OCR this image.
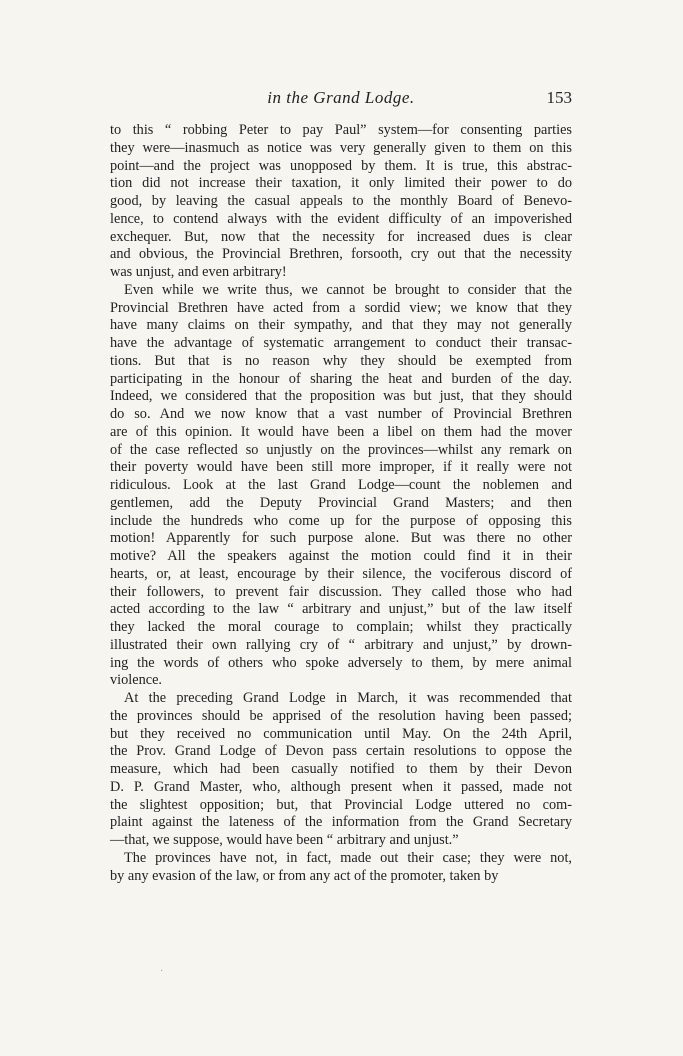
in the Grand Lodge.	153

to this “ robbing Peter to pay Paul” system—for consenting parties
they were—inasmuch as notice was very generally given to them on this
point—and the project was unopposed by them. It is true, this abstrac-
tion did not increase their taxation, it only limited their power to do
good, by leaving the casual appeals to the monthly Board of Benevo-
lence, to contend always with the evident difficulty of an impoverished
exchequer. But, now that the necessity for increased dues is clear
and obvious, the Provincial Brethren, forsooth, cry out that the necessity
was unjust, and even arbitrary!

Even while we write thus, we cannot be brought to consider that the
Provincial Brethren have acted from a sordid view; we know that they
have many claims on their sympathy, and that they may not generally
have the advantage of systematic arrangement to conduct their transac-
tions. But that is no reason why they should be exempted from
participating in the honour of sharing the heat and burden of the day.
Indeed, we considered that the proposition was but just, that they should
do so. And we now know that a vast number of Provincial Brethren
are of this opinion. It would have been a libel on them had the mover
of the case reflected so unjustly on the provinces—whilst any remark on
their poverty would have been still more improper, if it really were not
ridiculous. Look at the last Grand Lodge—count the noblemen and
gentlemen, add the Deputy Provincial Grand Masters; and then
include the hundreds who come up for the purpose of opposing this
motion! Apparently for such purpose alone. But was there no other
motive? All the speakers against the motion could find it in their
hearts, or, at least, encourage by their silence, the vociferous discord of
their followers, to prevent fair discussion. They called those who had
acted according to the law “ arbitrary and unjust,” but of the law itself
they lacked the moral courage to complain; whilst they practically
illustrated their own rallying cry of “ arbitrary and unjust,” by drown-
ing the words of others who spoke adversely to them, by mere animal
violence.

At the preceding Grand Lodge in March, it was recommended that
the provinces should be apprised of the resolution having been passed;
but they received no communication until May. On the 24th April,
the Prov. Grand Lodge of Devon pass certain resolutions to oppose the
measure, which had been casually notified to them by their Devon
D. P. Grand Master, who, although present when it passed, made not
the slightest opposition; but, that Provincial Lodge uttered no com-
plaint against the lateness of the information from the Grand Secretary
—that, we suppose, would have been “ arbitrary and unjust.”

The provinces have not, in fact, made out their case; they were not,
by any evasion of the law, or from any act of the promoter, taken by

·
